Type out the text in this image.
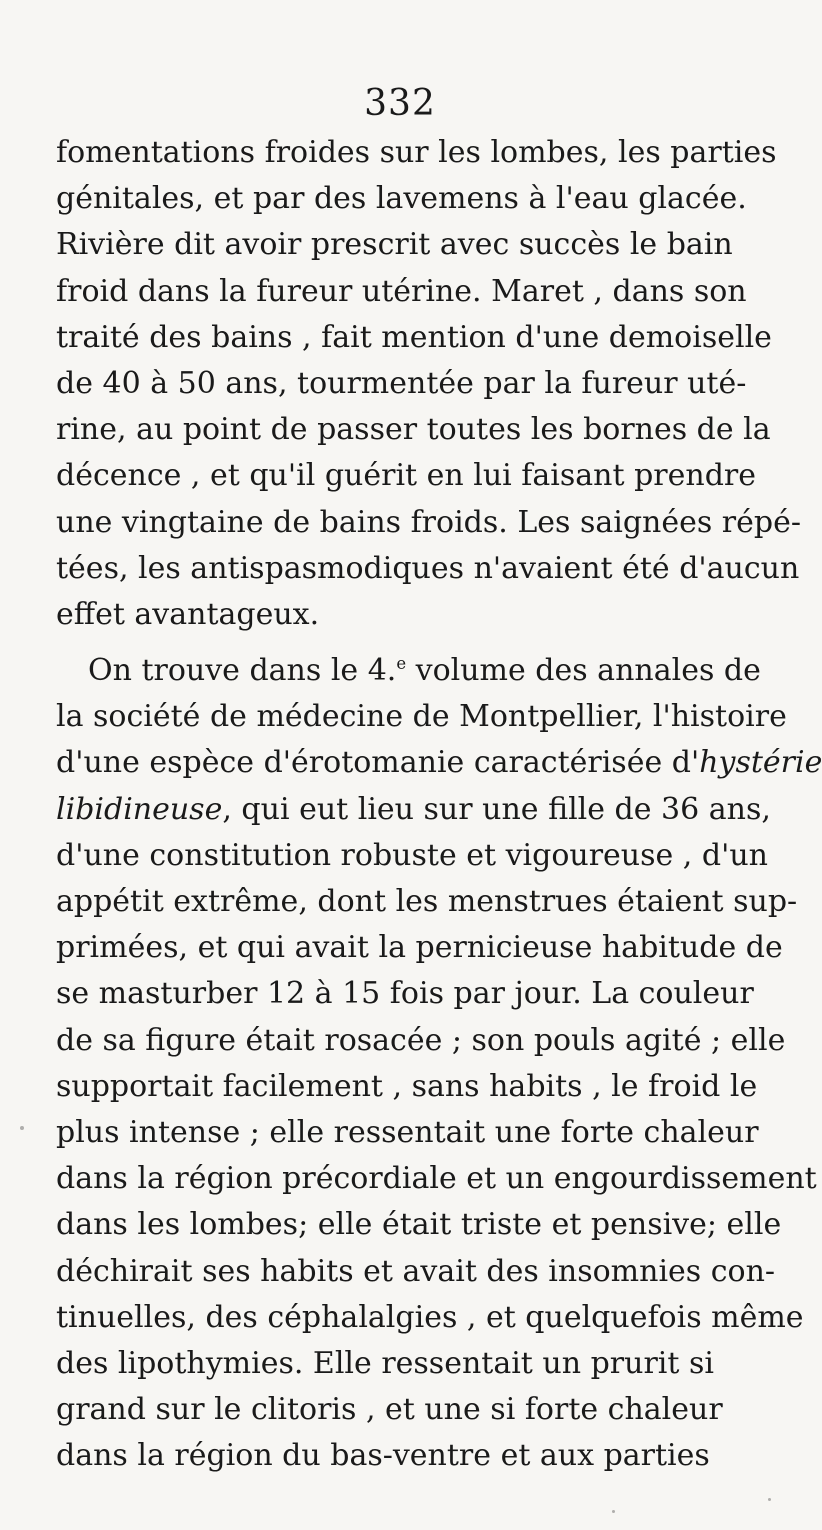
332
fomentations froides sur les lombes, les parties
génitales, et par des lavemens à l'eau glacée.
Rivière dit avoir prescrit avec succès le bain
froid dans la fureur utérine. Maret , dans son
traité des bains , fait mention d'une demoiselle
de 40 à 50 ans, tourmentée par la fureur uté-
rine, au point de passer toutes les bornes de la
décence , et qu'il guérit en lui faisant prendre
une vingtaine de bains froids. Les saignées répé-
tées, les antispasmodiques n'avaient été d'aucun
effet avantageux.
On trouve dans le 4.$^e$ volume des annales de
la société de médecine de Montpellier, l'histoire
d'une espèce d'érotomanie caractérisée d'hystérie
libidineuse, qui eut lieu sur une fille de 36 ans,
d'une constitution robuste et vigoureuse , d'un
appétit extrême, dont les menstrues étaient sup-
primées, et qui avait la pernicieuse habitude de
se masturber 12 à 15 fois par jour. La couleur
de sa figure était rosacée ; son pouls agité ; elle
supportait facilement , sans habits , le froid le
plus intense ; elle ressentait une forte chaleur
dans la région précordiale et un engourdissement
dans les lombes; elle était triste et pensive; elle
déchirait ses habits et avait des insomnies con-
tinuelles, des céphalalgies , et quelquefois même
des lipothymies. Elle ressentait un prurit si
grand sur le clitoris , et une si forte chaleur
dans la région du bas-ventre et aux parties
